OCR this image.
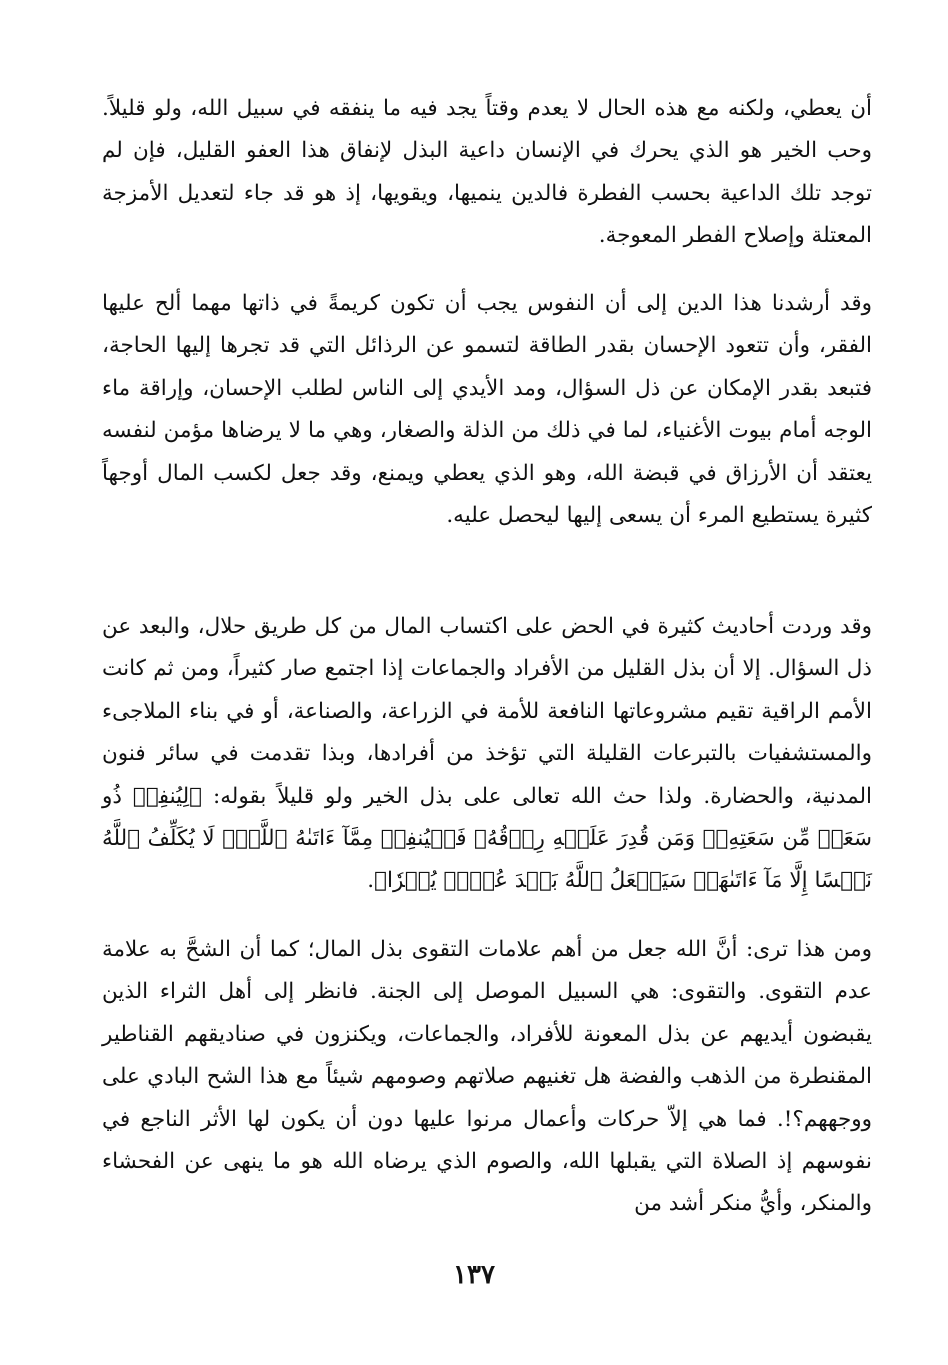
أن يعطي، ولكنه مع هذه الحال لا يعدم وقتاً يجد فيه ما ينفقه في سبيل الله، ولو قليلاً. وحب الخير هو الذي يحرك في الإنسان داعية البذل لإنفاق هذا العفو القليل، فإن لم توجد تلك الداعية بحسب الفطرة فالدين ينميها، ويقويها، إذ هو قد جاء لتعديل الأمزجة المعتلة وإصلاح الفطر المعوجة.

وقد أرشدنا هذا الدين إلى أن النفوس يجب أن تكون كريمةً في ذاتها مهما ألح عليها الفقر، وأن تتعود الإحسان بقدر الطاقة لتسمو عن الرذائل التي قد تجرها إليها الحاجة، فتبعد بقدر الإمكان عن ذل السؤال، ومد الأيدي إلى الناس لطلب الإحسان، وإراقة ماء الوجه أمام بيوت الأغنياء، لما في ذلك من الذلة والصغار، وهي ما لا يرضاها مؤمن لنفسه يعتقد أن الأرزاق في قبضة الله، وهو الذي يعطي ويمنع، وقد جعل لكسب المال أوجهاً كثيرة يستطيع المرء أن يسعى إليها ليحصل عليه.

وقد وردت أحاديث كثيرة في الحض على اكتساب المال من كل طريق حلال، والبعد عن ذل السؤال. إلا أن بذل القليل من الأفراد والجماعات إذا اجتمع صار كثيراً، ومن ثم كانت الأمم الراقية تقيم مشروعاتها النافعة للأمة في الزراعة، والصناعة، أو في بناء الملاجىء والمستشفيات بالتبرعات القليلة التي تؤخذ من أفرادها، وبذا تقدمت في سائر فنون المدنية، والحضارة. ولذا حث الله تعالى على بذل الخير ولو قليلاً بقوله: ﴿لِيُنفِقۡ ذُو سَعَةٖ مِّن سَعَتِهِۦۖ وَمَن قُدِرَ عَلَيۡهِ رِزۡقُهُۥ فَلۡيُنفِقۡ مِمَّآ ءَاتَىٰهُ ٱللَّهُۚ لَا يُكَلِّفُ ٱللَّهُ نَفۡسًا إِلَّا مَآ ءَاتَىٰهَاۚ سَيَجۡعَلُ ٱللَّهُ بَعۡدَ عُسۡرٖ يُسۡرٗا﴾.

ومن هذا ترى: أنَّ الله جعل من أهم علامات التقوى بذل المال؛ كما أن الشحَّ به علامة عدم التقوى. والتقوى: هي السبيل الموصل إلى الجنة. فانظر إلى أهل الثراء الذين يقبضون أيديهم عن بذل المعونة للأفراد، والجماعات، ويكنزون في صناديقهم القناطير المقنطرة من الذهب والفضة هل تغنيهم صلاتهم وصومهم شيئاً مع هذا الشح البادي على ووجههم؟!. فما هي إلاّ حركات وأعمال مرنوا عليها دون أن يكون لها الأثر الناجع في نفوسهم إذ الصلاة التي يقبلها الله، والصوم الذي يرضاه الله هو ما ينهى عن الفحشاء والمنكر، وأيُّ منكر أشد من

١٣٧
